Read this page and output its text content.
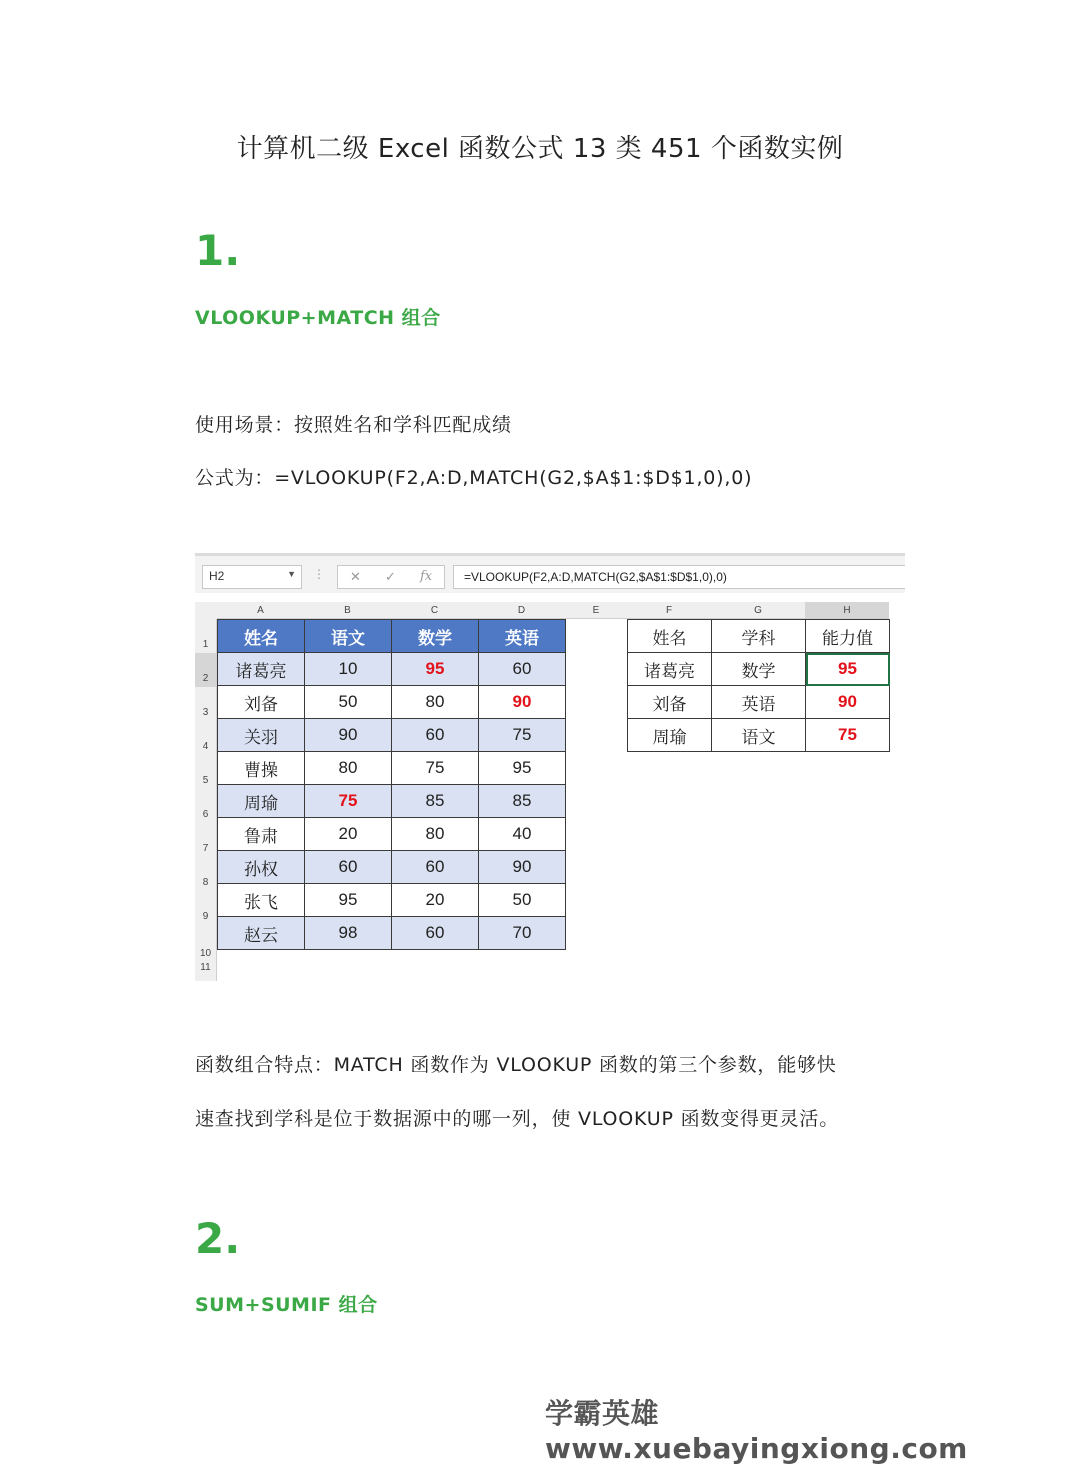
计算机二级 Excel 函数公式 13 类 451 个函数实例
1.
VLOOKUP+MATCH 组合
使用场景：按照姓名和学科匹配成绩
公式为：=VLOOKUP(F2,A:D,MATCH(G2,$A$1:$D$1,0),0)
H2	▼ ⋮ ✕ ✓ fx	=VLOOKUP(F2,A:D,MATCH(G2,$A$1:$D$1,0),0)
A	B	C	D	E	F	G	H
1
2
3
4
5
6
7
8
9
10
11
姓名	语文	数学	英语
诸葛亮	10	95	60
刘备	50	80	90
关羽	90	60	75
曹操	80	75	95
周瑜	75	85	85
鲁肃	20	80	40
孙权	60	60	90
张飞	95	20	50
赵云	98	60	70
姓名	学科	能力值
诸葛亮	数学	95
刘备	英语	90
周瑜	语文	75
函数组合特点：MATCH 函数作为 VLOOKUP 函数的第三个参数，能够快
速查找到学科是位于数据源中的哪一列，使 VLOOKUP 函数变得更灵活。
2.
SUM+SUMIF 组合
学霸英雄 www.xuebayingxiong.com
